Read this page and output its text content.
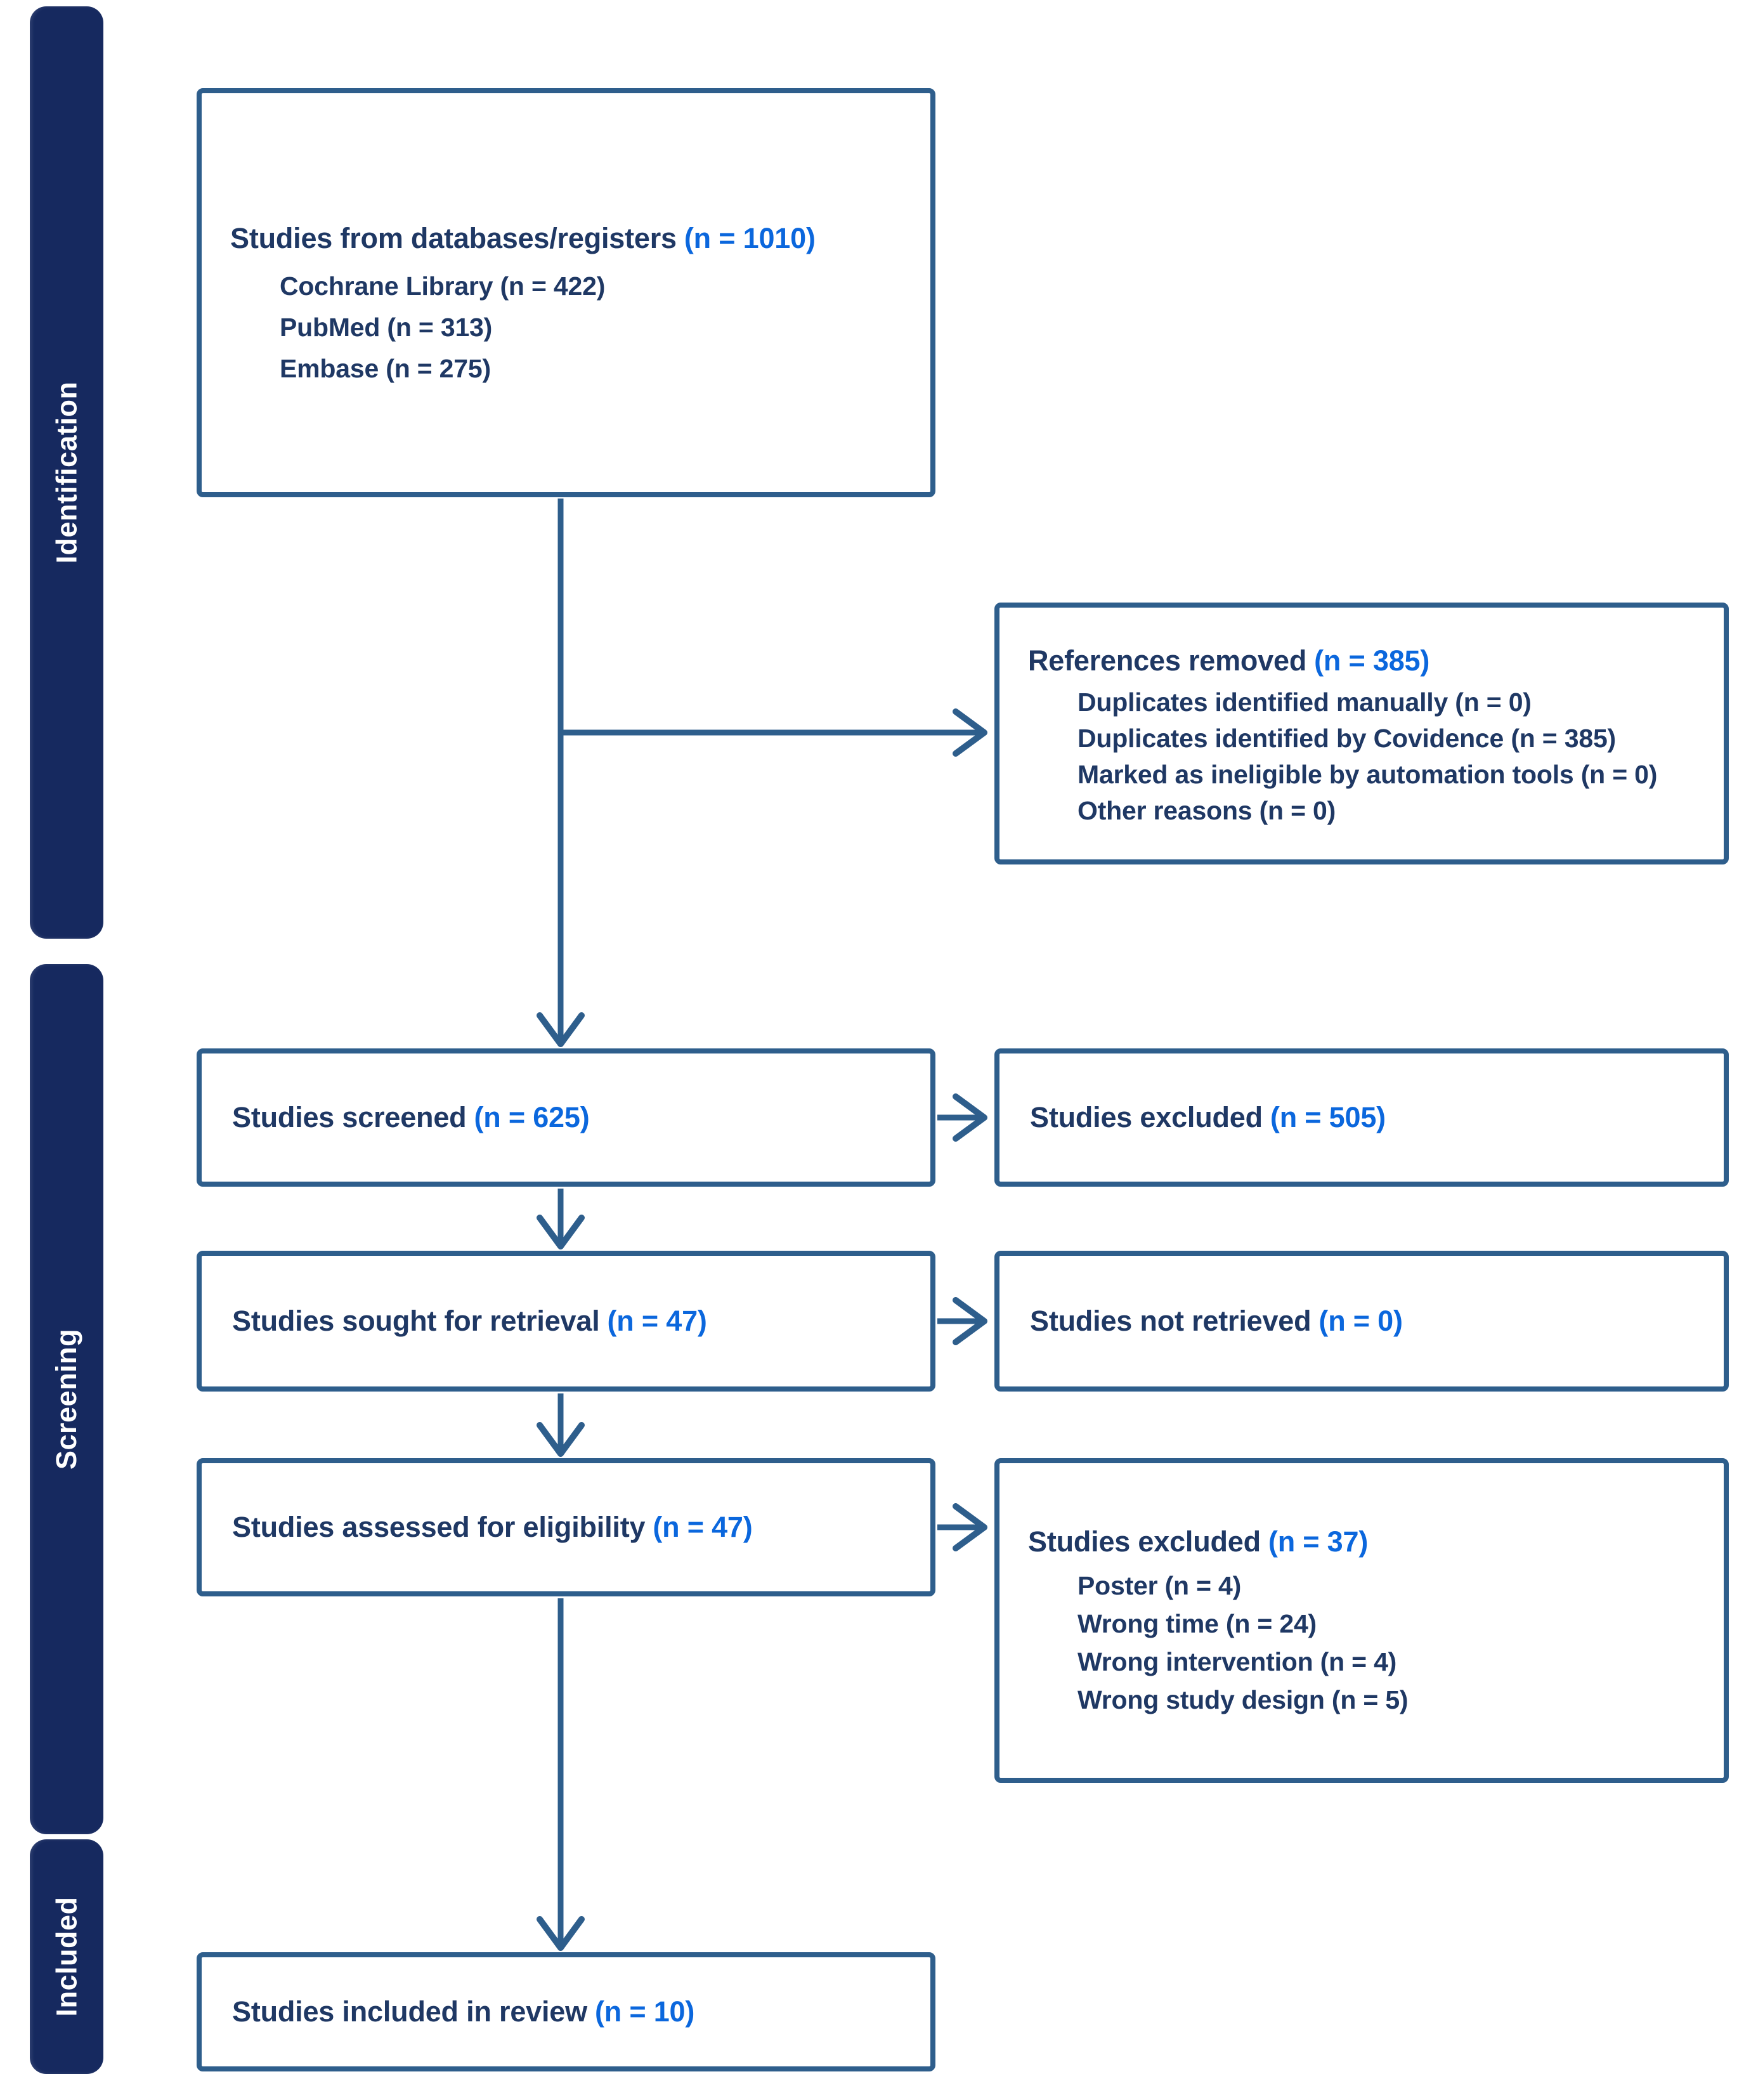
Identification
Screening
Included
Studies from databases/registers (n = 1010)
Cochrane Library (n = 422)
PubMed (n = 313)
Embase (n = 275)
References removed (n = 385)
Duplicates identified manually (n = 0)
Duplicates identified by Covidence (n = 385)
Marked as ineligible by automation tools (n = 0)
Other reasons (n = 0)
Studies screened (n = 625)	Studies excluded (n = 505)
Studies sought for retrieval (n = 47)	Studies not retrieved (n = 0)
Studies assessed for eligibility (n = 47)	Studies excluded (n = 37)
Poster (n = 4)
Wrong time (n = 24)
Wrong intervention (n = 4)
Wrong study design (n = 5)
Studies included in review (n = 10)
